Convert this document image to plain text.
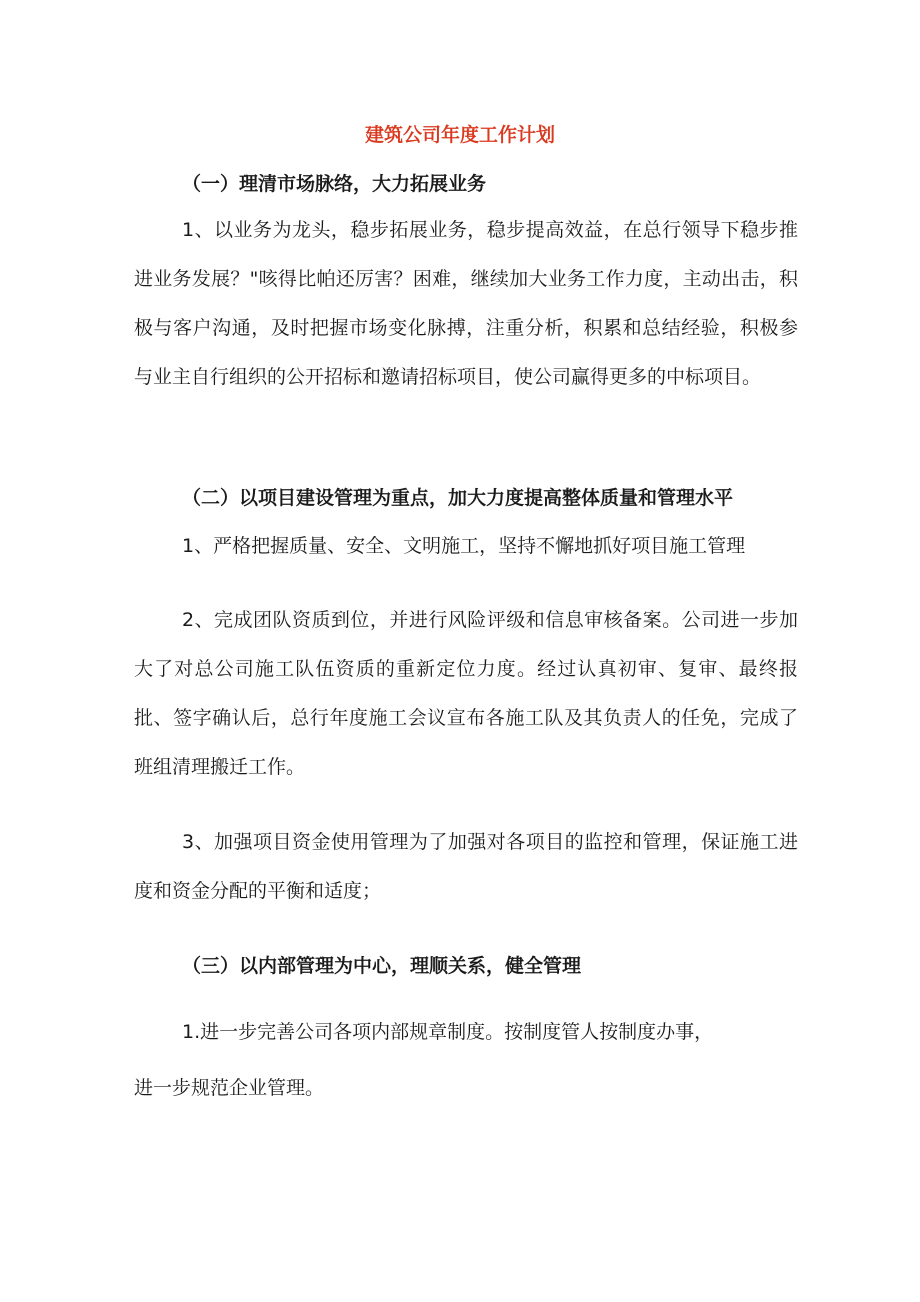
建筑公司年度工作计划
（一）理清市场脉络，大力拓展业务

1、以业务为龙头，稳步拓展业务，稳步提高效益，在总行领导下稳步推进业务发展？"咳得比帕还厉害？困难，继续加大业务工作力度，主动出击，积极与客户沟通，及时把握市场变化脉搏，注重分析，积累和总结经验，积极参与业主自行组织的公开招标和邀请招标项目，使公司赢得更多的中标项目。

（二）以项目建设管理为重点，加大力度提高整体质量和管理水平

1、严格把握质量、安全、文明施工，坚持不懈地抓好项目施工管理

2、完成团队资质到位，并进行风险评级和信息审核备案。公司进一步加大了对总公司施工队伍资质的重新定位力度。经过认真初审、复审、最终报批、签字确认后，总行年度施工会议宣布各施工队及其负责人的任免，完成了班组清理搬迁工作。

3、加强项目资金使用管理为了加强对各项目的监控和管理，保证施工进度和资金分配的平衡和适度；

（三）以内部管理为中心，理顺关系，健全管理

1.进一步完善公司各项内部规章制度。按制度管人按制度办事，

进一步规范企业管理。
